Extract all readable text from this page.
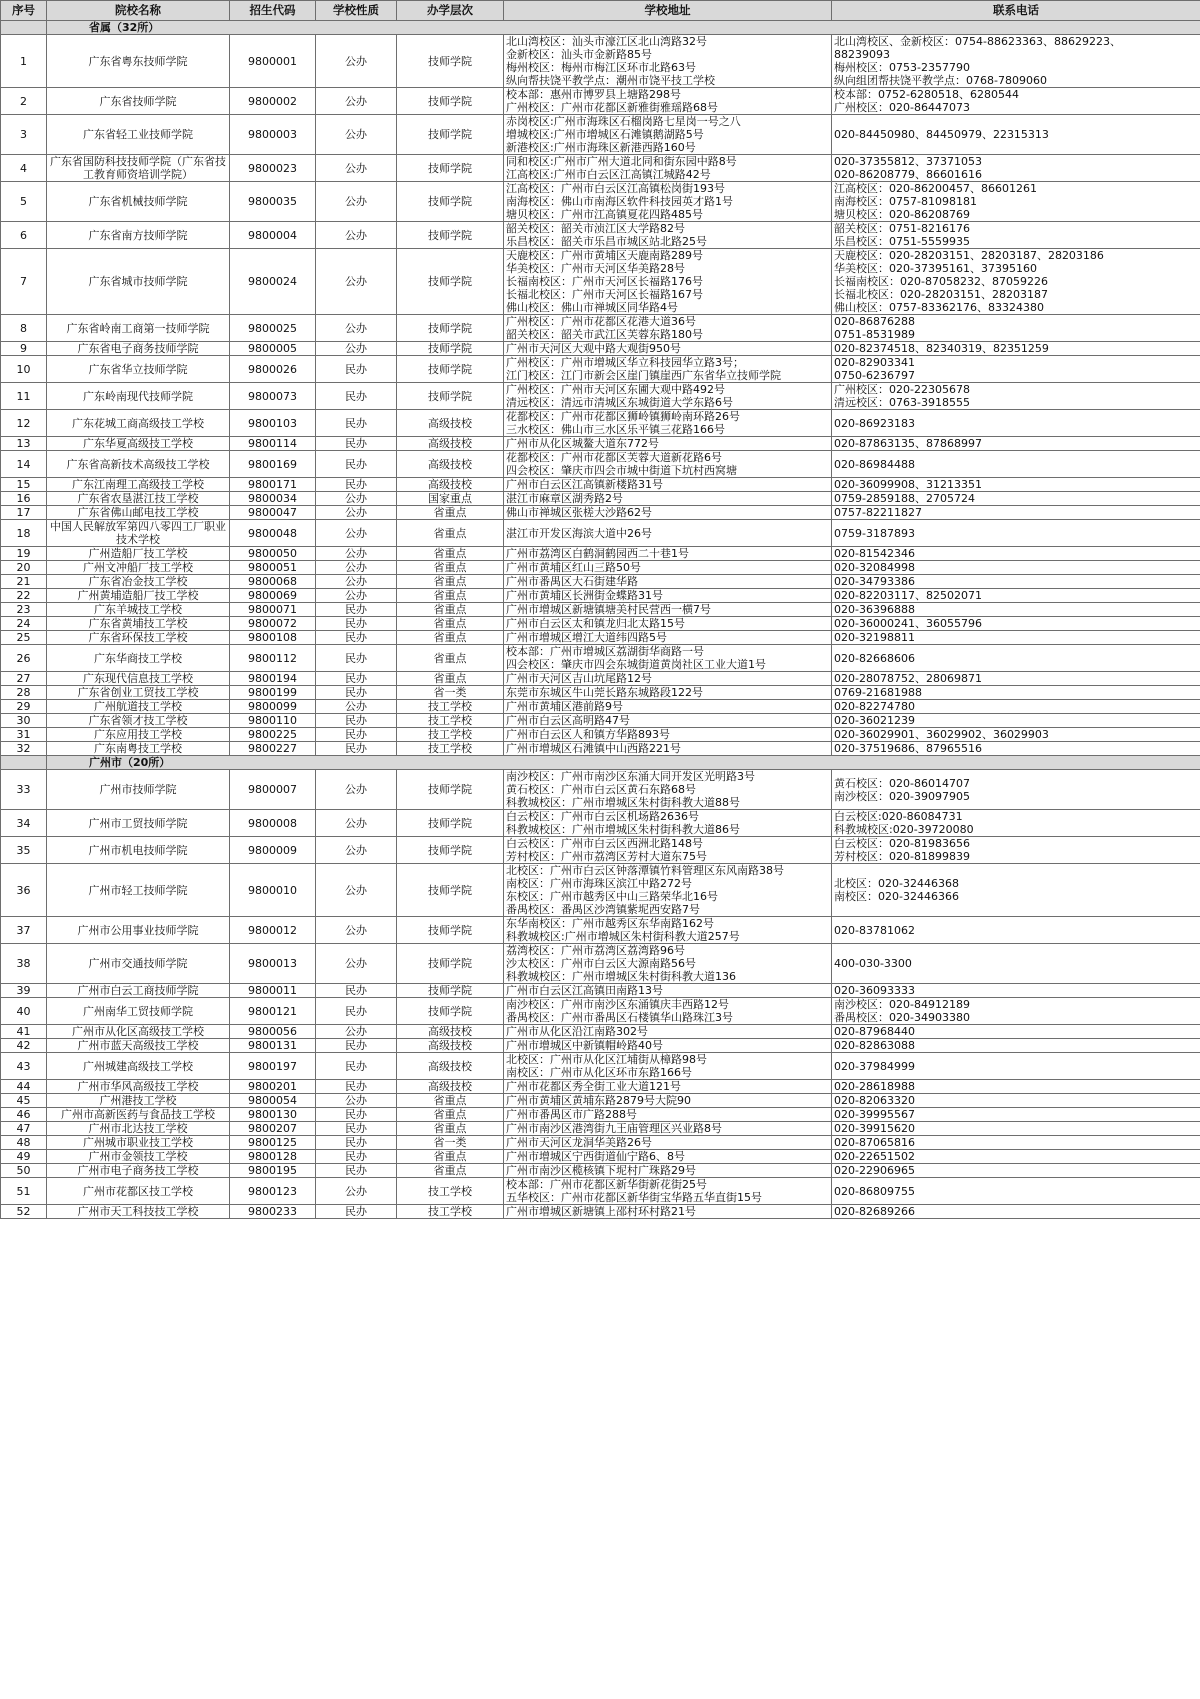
序号	院校名称	招生代码	学校性质	办学层次	学校地址	联系电话
	省属（32所）					
1	广东省粤东技师学院	9800001	公办	技师学院	北山湾校区：汕头市濠江区北山湾路32号
金新校区：汕头市金新路85号
梅州校区：梅州市梅江区环市北路63号
纵向帮扶饶平教学点：潮州市饶平技工学校	北山湾校区、金新校区：0754-88623363、88629223、
88239093
梅州校区：0753-2357790
纵向组团帮扶饶平教学点：0768-7809060
2	广东省技师学院	9800002	公办	技师学院	校本部：惠州市博罗县上塘路298号
广州校区：广州市花都区新雅街雅瑶路68号	校本部：0752-6280518、6280544
广州校区：020-86447073
3	广东省轻工业技师学院	9800003	公办	技师学院	赤岗校区:广州市海珠区石榴岗路七星岗一号之八
增城校区:广州市增城区石滩镇鹅湖路5号
新港校区:广州市海珠区新港西路160号	020-84450980、84450979、22315313
4	广东省国防科技技师学院（广东省技工教育师资培训学院）	9800023	公办	技师学院	同和校区:广州市广州大道北同和街东园中路8号
江高校区:广州市白云区江高镇江城路42号	020-37355812、37371053
020-86208779、86601616
5	广东省机械技师学院	9800035	公办	技师学院	江高校区：广州市白云区江高镇松岗街193号
南海校区：佛山市南海区软件科技园英才路1号
塘贝校区：广州市江高镇夏花四路485号	江高校区：020-86200457、86601261
南海校区：0757-81098181
塘贝校区：020-86208769
6	广东省南方技师学院	9800004	公办	技师学院	韶关校区：韶关市浈江区大学路82号
乐昌校区：韶关市乐昌市城区站北路25号	韶关校区：0751-8216176
乐昌校区：0751-5559935
7	广东省城市技师学院	9800024	公办	技师学院	天鹿校区：广州市黄埔区天鹿南路289号
华美校区：广州市天河区华美路28号
长福南校区：广州市天河区长福路176号
长福北校区：广州市天河区长福路167号
佛山校区：佛山市禅城区同华路4号	天鹿校区：020-28203151、28203187、28203186
华美校区：020-37395161、37395160
长福南校区：020-87058232、87059226
长福北校区：020-28203151、28203187
佛山校区：0757-83362176、83324380
8	广东省岭南工商第一技师学院	9800025	公办	技师学院	广州校区：广州市花都区花港大道36号
韶关校区：韶关市武江区芙蓉东路180号	020-86876288
0751-8531989
9	广东省电子商务技师学院	9800005	公办	技师学院	广州市天河区大观中路大观街950号	020-82374518、82340319、82351259
10	广东省华立技师学院	9800026	民办	技师学院	广州校区：广州市增城区华立科技园华立路3号；
江门校区：江门市新会区崖门镇崖西广东省华立技师学院	020-82903341
0750-6236797
11	广东岭南现代技师学院	9800073	民办	技师学院	广州校区：广州市天河区东圃大观中路492号
清远校区：清远市清城区东城街道大学东路6号	广州校区：020-22305678
清远校区：0763-3918555
12	广东花城工商高级技工学校	9800103	民办	高级技校	花都校区：广州市花都区狮岭镇狮岭南环路26号
三水校区：佛山市三水区乐平镇三花路166号	020-86923183
13	广东华夏高级技工学校	9800114	民办	高级技校	广州市从化区城鳌大道东772号	020-87863135、87868997
14	广东省高新技术高级技工学校	9800169	民办	高级技校	花都校区：广州市花都区芙蓉大道新花路6号
四会校区：肇庆市四会市城中街道下坑村西窝塘	020-86984488
15	广东江南理工高级技工学校	9800171	民办	高级技校	广州市白云区江高镇新楼路31号	020-36099908、31213351
16	广东省农垦湛江技工学校	9800034	公办	国家重点	湛江市麻章区湖秀路2号	0759-2859188、2705724
17	广东省佛山邮电技工学校	9800047	公办	省重点	佛山市禅城区张槎大沙路62号	0757-82211827
18	中国人民解放军第四八零四工厂职业技术学校	9800048	公办	省重点	湛江市开发区海滨大道中26号	0759-3187893
19	广州造船厂技工学校	9800050	公办	省重点	广州市荔湾区白鹤洞鹤园西二十巷1号	020-81542346
20	广州文冲船厂技工学校	9800051	公办	省重点	广州市黄埔区红山三路50号	020-32084998
21	广东省冶金技工学校	9800068	公办	省重点	广州市番禺区大石街建华路	020-34793386
22	广州黄埔造船厂技工学校	9800069	公办	省重点	广州市黄埔区长洲街金蝶路31号	020-82203117、82502071
23	广东羊城技工学校	9800071	民办	省重点	广州市增城区新塘镇塘美村民营西一横7号	020-36396888
24	广东省黄埔技工学校	9800072	民办	省重点	广州市白云区太和镇龙归北太路15号	020-36000241、36055796
25	广东省环保技工学校	9800108	民办	省重点	广州市增城区增江大道纬四路5号	020-32198811
26	广东华商技工学校	9800112	民办	省重点	校本部：广州市增城区荔湖街华商路一号
四会校区：肇庆市四会东城街道黄岗社区工业大道1号	020-82668606
27	广东现代信息技工学校	9800194	民办	省重点	广州市天河区吉山坑尾路12号	020-28078752、28069871
28	广东省创业工贸技工学校	9800199	民办	省一类	东莞市东城区牛山莞长路东城路段122号	0769-21681988
29	广州航道技工学校	9800099	公办	技工学校	广州市黄埔区港前路9号	020-82274780
30	广东省领才技工学校	9800110	民办	技工学校	广州市白云区高明路47号	020-36021239
31	广东应用技工学校	9800225	民办	技工学校	广州市白云区人和镇方华路893号	020-36029901、36029902、36029903
32	广东南粤技工学校	9800227	民办	技工学校	广州市增城区石滩镇中山西路221号	020-37519686、87965516
	广州市（20所）					
33	广州市技师学院	9800007	公办	技师学院	南沙校区：广州市南沙区东涌大同开发区光明路3号
黄石校区：广州市白云区黄石东路68号
科教城校区：广州市增城区朱村街科教大道88号	黄石校区：020-86014707
南沙校区：020-39097905
34	广州市工贸技师学院	9800008	公办	技师学院	白云校区：广州市白云区机场路2636号
科教城校区：广州市增城区朱村街科教大道86号	白云校区:020-86084731
科教城校区:020-39720080
35	广州市机电技师学院	9800009	公办	技师学院	白云校区：广州市白云区西洲北路148号
芳村校区：广州市荔湾区芳村大道东75号	白云校区：020-81983656
芳村校区：020-81899839
36	广州市轻工技师学院	9800010	公办	技师学院	北校区：广州市白云区钟落潭镇竹料管理区东风南路38号
南校区：广州市海珠区滨江中路272号
东校区：广州市越秀区中山三路荣华北16号
番禺校区：番禺区沙湾镇紫坭西安路7号	北校区：020-32446368
南校区：020-32446366
37	广州市公用事业技师学院	9800012	公办	技师学院	东华南校区：广州市越秀区东华南路162号
科教城校区:广州市增城区朱村街科教大道257号	020-83781062
38	广州市交通技师学院	9800013	公办	技师学院	荔湾校区：广州市荔湾区荔湾路96号
沙太校区：广州市白云区大源南路56号
科教城校区：广州市增城区朱村街科教大道136	400-030-3300
39	广州市白云工商技师学院	9800011	民办	技师学院	广州市白云区江高镇田南路13号	020-36093333
40	广州南华工贸技师学院	9800121	民办	技师学院	南沙校区：广州市南沙区东涌镇庆丰西路12号
番禺校区：广州市番禺区石楼镇华山路珠江3号	南沙校区：020-84912189
番禺校区：020-34903380
41	广州市从化区高级技工学校	9800056	公办	高级技校	广州市从化区沿江南路302号	020-87968440
42	广州市蓝天高级技工学校	9800131	民办	高级技校	广州市增城区中新镇帽岭路40号	020-82863088
43	广州城建高级技工学校	9800197	民办	高级技校	北校区：广州市从化区江埔街从樟路98号
南校区：广州市从化区环市东路166号	020-37984999
44	广州市华风高级技工学校	9800201	民办	高级技校	广州市花都区秀全街工业大道121号	020-28618988
45	广州港技工学校	9800054	公办	省重点	广州市黄埔区黄埔东路2879号大院90	020-82063320
46	广州市高新医药与食品技工学校	9800130	民办	省重点	广州市番禺区市广路288号	020-39995567
47	广州市北达技工学校	9800207	民办	省重点	广州市南沙区港湾街九王庙管理区兴业路8号	020-39915620
48	广州城市职业技工学校	9800125	民办	省一类	广州市天河区龙洞华美路26号	020-87065816
49	广州市金领技工学校	9800128	民办	省重点	广州市增城区宁西街道仙宁路6、8号	020-22651502
50	广州市电子商务技工学校	9800195	民办	省重点	广州市南沙区榄核镇下坭村广珠路29号	020-22906965
51	广州市花都区技工学校	9800123	公办	技工学校	校本部：广州市花都区新华街新花街25号
五华校区：广州市花都区新华街宝华路五华直街15号	020-86809755
52	广州市天工科技技工学校	9800233	民办	技工学校	广州市增城区新塘镇上邵村环村路21号	020-82689266
